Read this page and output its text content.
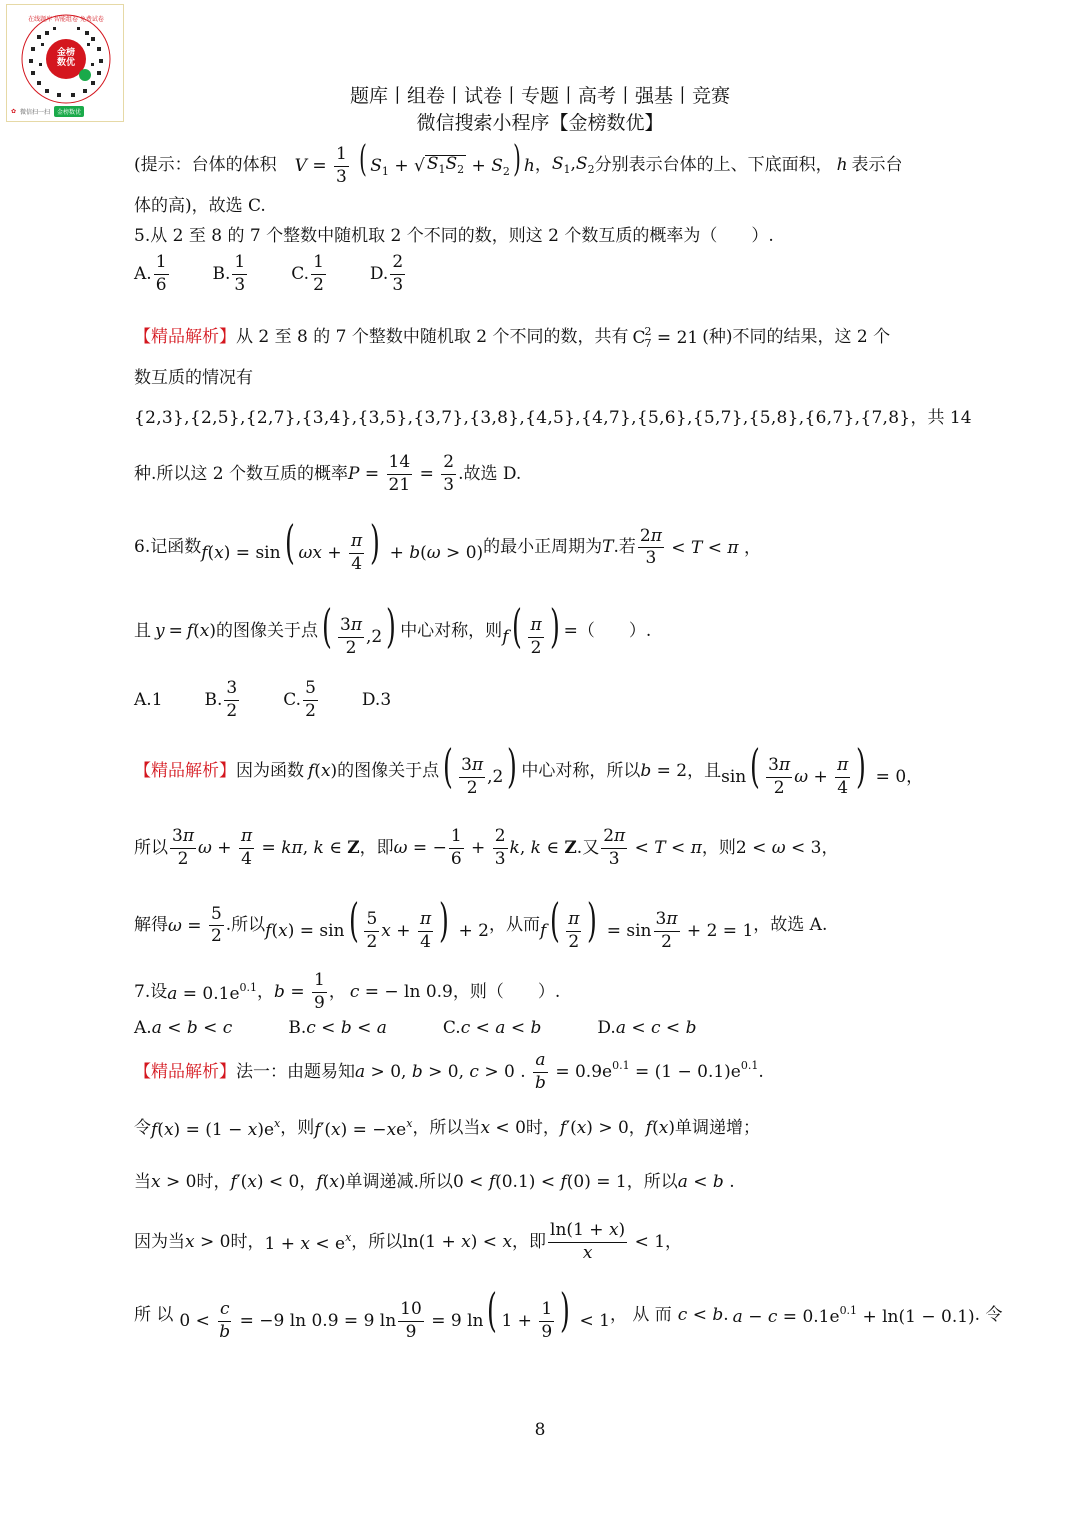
金榜
数优
在线题库 智能组卷 免费试卷
✿ 微信扫一扫	金榜数优
题库丨组卷丨试卷丨专题丨高考丨强基丨竞赛
微信搜索小程序【金榜数优】
(提示：台体的体积 $V = \frac{1}{3}$ ( $S_1$ + √ $S_1S_2 + S_2$) h ， $S_1,S_2$ 分别表示台体的上、下底面积， h 表示台
体的高)，故选 C.
5.从 2 至 8 的 7 个整数中随机取 2 个不同的数，则这 2 个数互质的概率为（　　）.
A. $\frac{1}{6}$	B. $\frac{1}{3}$	C. $\frac{1}{2}$	D. $\frac{2}{3}$
【精品解析】 从 2 至 8 的 7 个整数中随机取 2 个不同的数，共有 $C^2_7 = 21$ (种)不同的结果，这 2 个
数互质的情况有
{2,3},{2,5},{2,7},{3,4},{3,5},{3,7},{3,8},{4,5},{4,7},{5,6},{5,7},{5,8},{6,7},{7,8} ，共 14
种.所以这 2 个数互质的概率 $P = \frac{14}{21} = \frac{2}{3}$ .故选 D.
6.记函数 f(x) = sin( $\omega x + \frac{\pi}{4}$ ) + b(ω > 0) 的最小正周期为 T .若 $\frac{2\pi}{3} < T < \pi$ ，
且 y = f ( x ) 的图像关于点 ( $\frac{3\pi}{2} ,2$) 中心对称，则 $f( \frac{\pi}{2}$ ) =（　　）.
A. 1 B. $\frac{3}{2}$	C. $\frac{5}{2}$	D. 3
【精品解析】 因为函数 f ( x ) 的图像关于点 ( $\frac{3\pi}{2} ,2$) 中心对称，所以 b = 2 ，且 $\sin( \frac{3\pi}{2}$ $\omega + \frac{\pi}{4}$ ) = 0，
所以 $\frac{3\pi}{2}$ $\omega + \frac{\pi}{4} = k\pi$, k ∈ Z ，即 ω = − $\frac{1}{6} + \frac{2}{3} k$, k ∈ Z .又 $\frac{2\pi}{3} < T < \pi$ ，则 2 < ω < 3，
解得 $\omega = \frac{5}{2}$ .所以 $f(x) = \sin( \frac{5}{2}$ $x + \frac{\pi}{4}$ ) + 2 ，从而 $f( \frac{\pi}{2}$ ) = $\sin \frac{3\pi}{2} + 2 = 1$ ，故选 A.
7.设 $a = 0.1e^{0.1}$ ， $b = \frac{1}{9}$ ， c = − ln 0.9 ，则（　　）.
A. a < b < c	B. c < b < a	C. c < a < b	D. a < c < b
【精品解析】 法一：由题易知 a > 0, b > 0, c > 0 . $\frac{a}{b} = 0.9e^{0.1} = (1 - 0.1)e^{0.1}$.
令 $f(x) = (1 - x)e^x$ ，则 $f'(x) = -xe^x$ ，所以当 x < 0 时， f′(x) > 0，f(x) 单调递增；
当 x > 0 时， f′(x) < 0，f(x) 单调递减.所以 0 < f(0.1) < f(0) = 1 ，所以 a < b .
因为当 x > 0 时， $1 + x < e^x$ ，所以 ln(1 + x) < x ，即 $\frac{\ln(1 + x)}{x} < 1$，
所 以 $0 < \frac{c}{b} = -9$ ln 0.9 = 9 $\ln \frac{10}{9} = 9$ ln( $1 + \frac{1}{9}$ ) < 1 ， 从 而 c < b . $a - c = 0.1e^{0.1} + \ln(1 - 0.1)$ . 令
8
